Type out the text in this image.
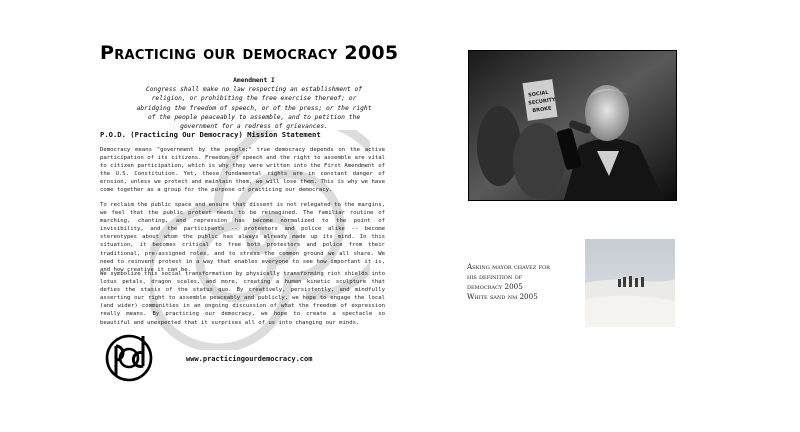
Practicing our democracy 2005
Amendment I
Congress shall make no law respecting an establishment of religion, or prohibiting the free exercise thereof; or abridging the freedom of speech, or of the press; or the right of the people peaceably to assemble, and to petition the government for a redress of grievances.
P.O.D. (Practicing Our Democracy) Mission Statement
Democracy means "government by the people;" true democracy depends on the active participation of its citizens. Freedom of speech and the right to assemble are vital to citizen participation, which is why they were written into the First Amendment of the U.S. Constitution. Yet, these fundamental rights are in constant danger of erosion, unless we protect and maintain them, we will lose them. This is why we have come together as a group for the purpose of practicing our democracy.
To reclaim the public space and ensure that dissent is not relegated to the margins, we feel that the public protest needs to be reimagined. The familiar routine of marching, chanting, and repression has become normalized to the point of invisibility, and the participants -- protestors and police alike -- become stereotypes about whom the public has always already made up its mind. In this situation, it becomes critical to free both protestors and police from their traditional, pre-assigned roles, and to stress the common ground we all share. We need to reinvent protest in a way that enables everyone to see how important it is, and how creative it can be.
We symbolize this social transformation by physically transforming riot shields into lotus petals, dragon scales, and more, creating a human kinetic sculpture that defies the stasis of the status quo. By creatively, persistently, and mindfully asserting our right to assemble peaceably and publicly, we hope to engage the local (and wider) communities in an ongoing discussion of what the freedom of expression really means. By practicing our democracy, we hope to create a spectacle so beautiful and unexpected that it surprises all of us into changing our minds.
www.practicingourdemocracy.com
SOCIAL
SECURITY
BROKE
Asking mayor chavez for
his definition of
democracy 2005
White sand nm 2005
